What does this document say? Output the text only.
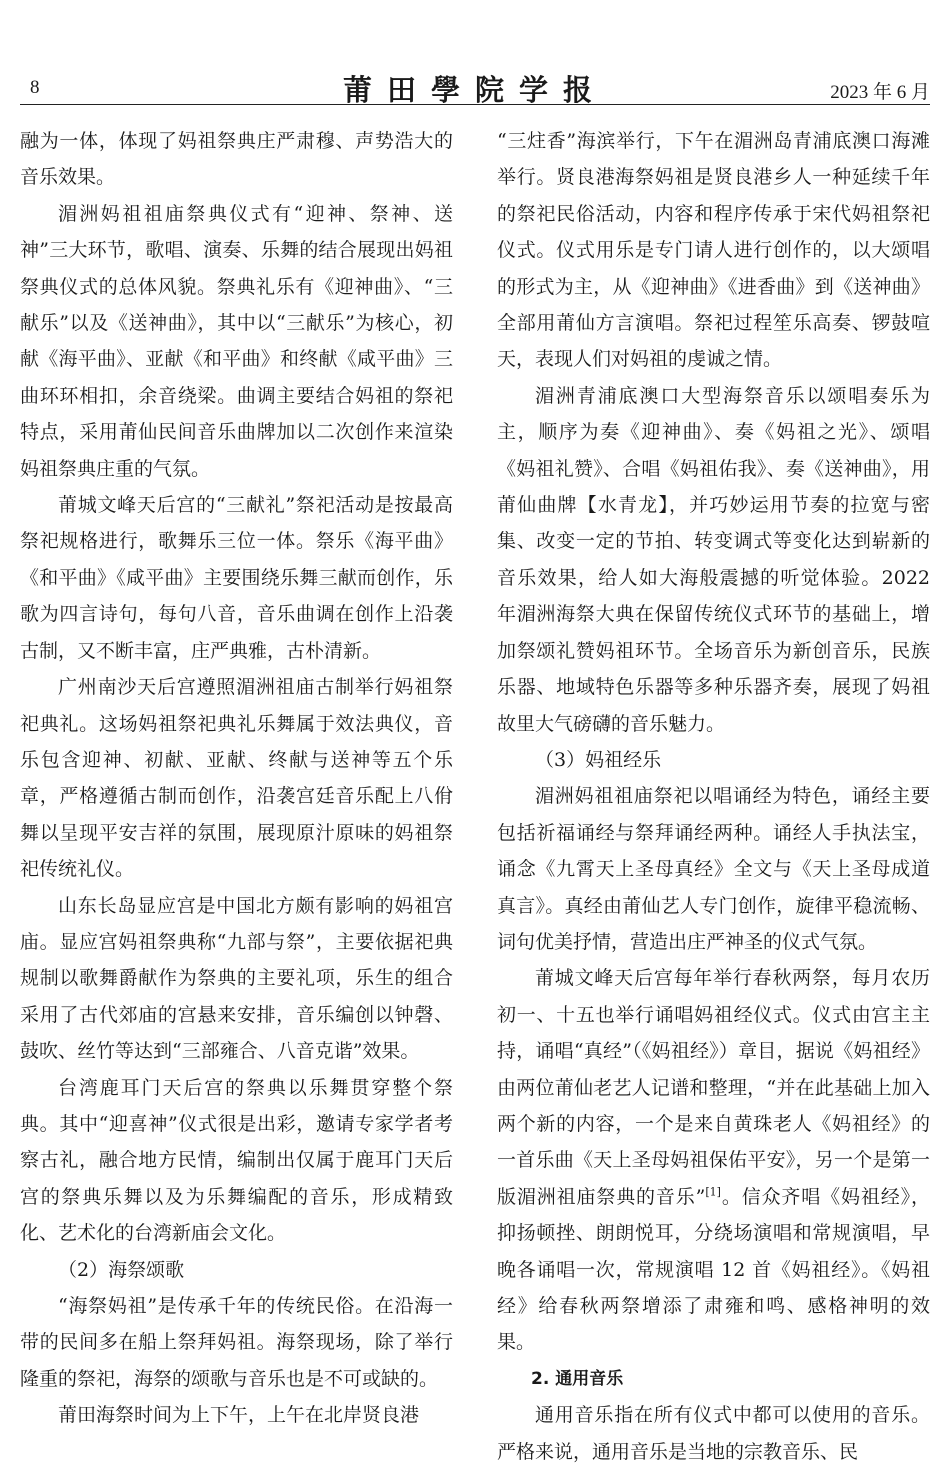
8	莆田學院学报	2023 年 6 月

融为一体，体现了妈祖祭典庄严肃穆、声势浩大的音乐效果。

湄洲妈祖祖庙祭典仪式有“迎神、祭神、送神”三大环节，歌唱、演奏、乐舞的结合展现出妈祖祭典仪式的总体风貌。祭典礼乐有《迎神曲》、“三献乐”以及《送神曲》，其中以“三献乐”为核心，初献《海平曲》、亚献《和平曲》和终献《咸平曲》三曲环环相扣，余音绕梁。曲调主要结合妈祖的祭祀特点，采用莆仙民间音乐曲牌加以二次创作来渲染妈祖祭典庄重的气氛。

莆城文峰天后宫的“三献礼”祭祀活动是按最高祭祀规格进行，歌舞乐三位一体。祭乐《海平曲》《和平曲》《咸平曲》主要围绕乐舞三献而创作，乐歌为四言诗句，每句八音，音乐曲调在创作上沿袭古制，又不断丰富，庄严典雅，古朴清新。

广州南沙天后宫遵照湄洲祖庙古制举行妈祖祭祀典礼。这场妈祖祭祀典礼乐舞属于效法典仪，音乐包含迎神、初献、亚献、终献与送神等五个乐章，严格遵循古制而创作，沿袭宫廷音乐配上八佾舞以呈现平安吉祥的氛围，展现原汁原味的妈祖祭祀传统礼仪。

山东长岛显应宫是中国北方颇有影响的妈祖宫庙。显应宫妈祖祭典称“九部与祭”，主要依据祀典规制以歌舞爵献作为祭典的主要礼项，乐生的组合采用了古代郊庙的宫悬来安排，音乐编创以钟磬、鼓吹、丝竹等达到“三部雍合、八音克谐”效果。

台湾鹿耳门天后宫的祭典以乐舞贯穿整个祭典。其中“迎喜神”仪式很是出彩，邀请专家学者考察古礼，融合地方民情，编制出仅属于鹿耳门天后宫的祭典乐舞以及为乐舞编配的音乐，形成精致化、艺术化的台湾新庙会文化。

（2）海祭颂歌

“海祭妈祖”是传承千年的传统民俗。在沿海一带的民间多在船上祭拜妈祖。海祭现场，除了举行隆重的祭祀，海祭的颂歌与音乐也是不可或缺的。

莆田海祭时间为上下午，上午在北岸贤良港

“三炷香”海滨举行，下午在湄洲岛青浦底澳口海滩举行。贤良港海祭妈祖是贤良港乡人一种延续千年的祭祀民俗活动，内容和程序传承于宋代妈祖祭祀仪式。仪式用乐是专门请人进行创作的，以大颂唱的形式为主，从《迎神曲》《进香曲》到《送神曲》全部用莆仙方言演唱。祭祀过程笙乐高奏、锣鼓喧天，表现人们对妈祖的虔诚之情。

湄洲青浦底澳口大型海祭音乐以颂唱奏乐为主，顺序为奏《迎神曲》、奏《妈祖之光》、颂唱《妈祖礼赞》、合唱《妈祖佑我》、奏《送神曲》，用莆仙曲牌【水青龙】，并巧妙运用节奏的拉宽与密集、改变一定的节拍、转变调式等变化达到崭新的音乐效果，给人如大海般震撼的听觉体验。2022 年湄洲海祭大典在保留传统仪式环节的基础上，增加祭颂礼赞妈祖环节。全场音乐为新创音乐，民族乐器、地域特色乐器等多种乐器齐奏，展现了妈祖故里大气磅礴的音乐魅力。

（3）妈祖经乐

湄洲妈祖祖庙祭祀以唱诵经为特色，诵经主要包括祈福诵经与祭拜诵经两种。诵经人手执法宝，诵念《九霄天上圣母真经》全文与《天上圣母成道真言》。真经由莆仙艺人专门创作，旋律平稳流畅、词句优美抒情，营造出庄严神圣的仪式气氛。

莆城文峰天后宫每年举行春秋两祭，每月农历初一、十五也举行诵唱妈祖经仪式。仪式由宫主主持，诵唱“真经”（《妈祖经》）章目，据说《妈祖经》由两位莆仙老艺人记谱和整理，“并在此基础上加入两个新的内容，一个是来自黄珠老人《妈祖经》的一首乐曲《天上圣母妈祖保佑平安》，另一个是第一版湄洲祖庙祭典的音乐”[1]。信众齐唱《妈祖经》，抑扬顿挫、朗朗悦耳，分绕场演唱和常规演唱，早晚各诵唱一次，常规演唱 12 首《妈祖经》。《妈祖经》给春秋两祭增添了肃雍和鸣、感格神明的效果。

2. 通用音乐

通用音乐指在所有仪式中都可以使用的音乐。严格来说，通用音乐是当地的宗教音乐、民
